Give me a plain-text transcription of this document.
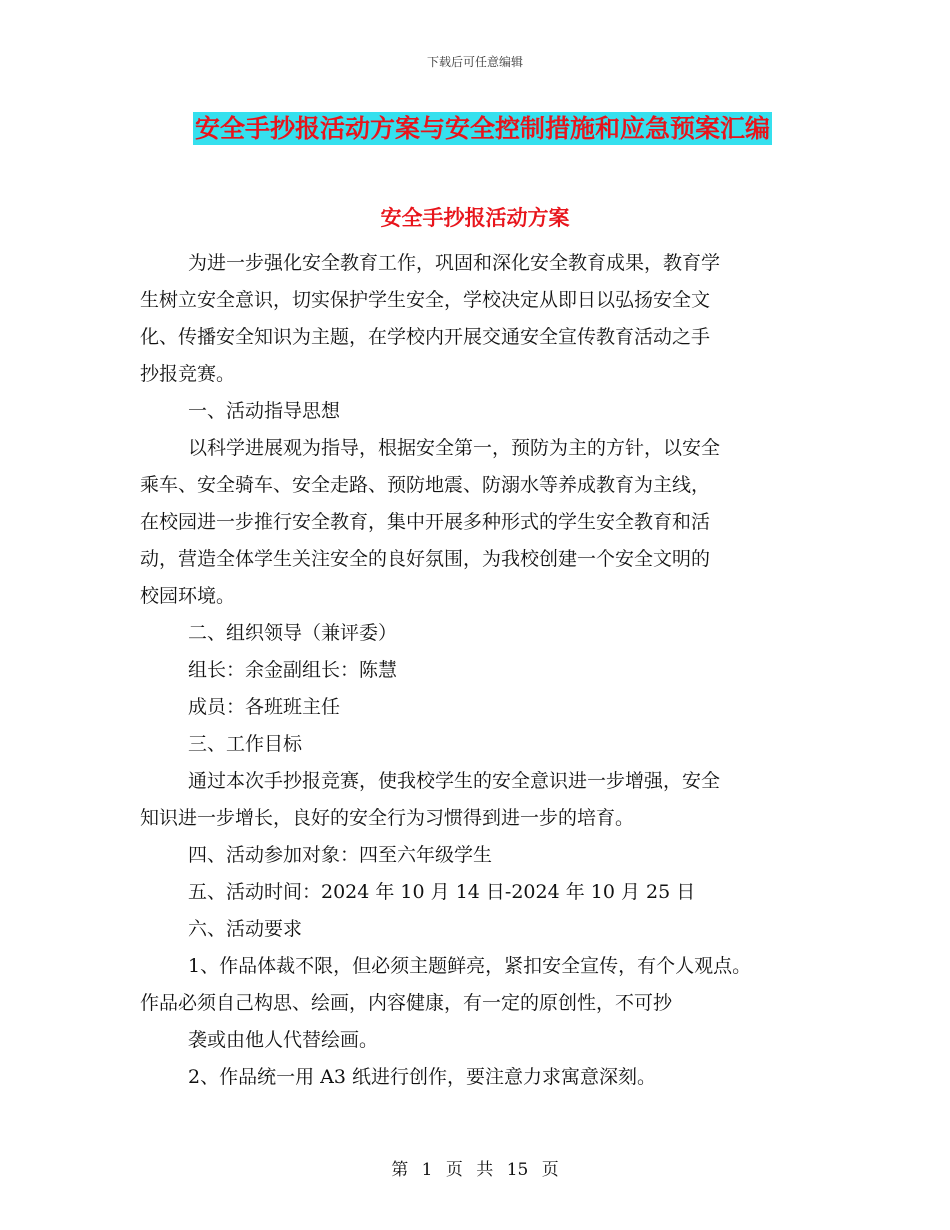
下载后可任意编辑
安全手抄报活动方案与安全控制措施和应急预案汇编
安全手抄报活动方案
为进一步强化安全教育工作，巩固和深化安全教育成果，教育学
生树立安全意识，切实保护学生安全，学校决定从即日以弘扬安全文
化、传播安全知识为主题，在学校内开展交通安全宣传教育活动之手
抄报竞赛。
一、活动指导思想
以科学进展观为指导，根据安全第一，预防为主的方针，以安全
乘车、安全骑车、安全走路、预防地震、防溺水等养成教育为主线，
在校园进一步推行安全教育，集中开展多种形式的学生安全教育和活
动，营造全体学生关注安全的良好氛围，为我校创建一个安全文明的
校园环境。
二、组织领导（兼评委）
组长：余金副组长：陈慧
成员：各班班主任
三、工作目标
通过本次手抄报竞赛，使我校学生的安全意识进一步增强，安全
知识进一步增长，良好的安全行为习惯得到进一步的培育。
四、活动参加对象：四至六年级学生
五、活动时间：2024 年 10 月 14 日-2024 年 10 月 25 日
六、活动要求
1、作品体裁不限，但必须主题鲜亮，紧扣安全宣传，有个人观点。
作品必须自己构思、绘画，内容健康，有一定的原创性，不可抄
袭或由他人代替绘画。
2、作品统一用 A3 纸进行创作，要注意力求寓意深刻。
第 1 页 共 15 页
